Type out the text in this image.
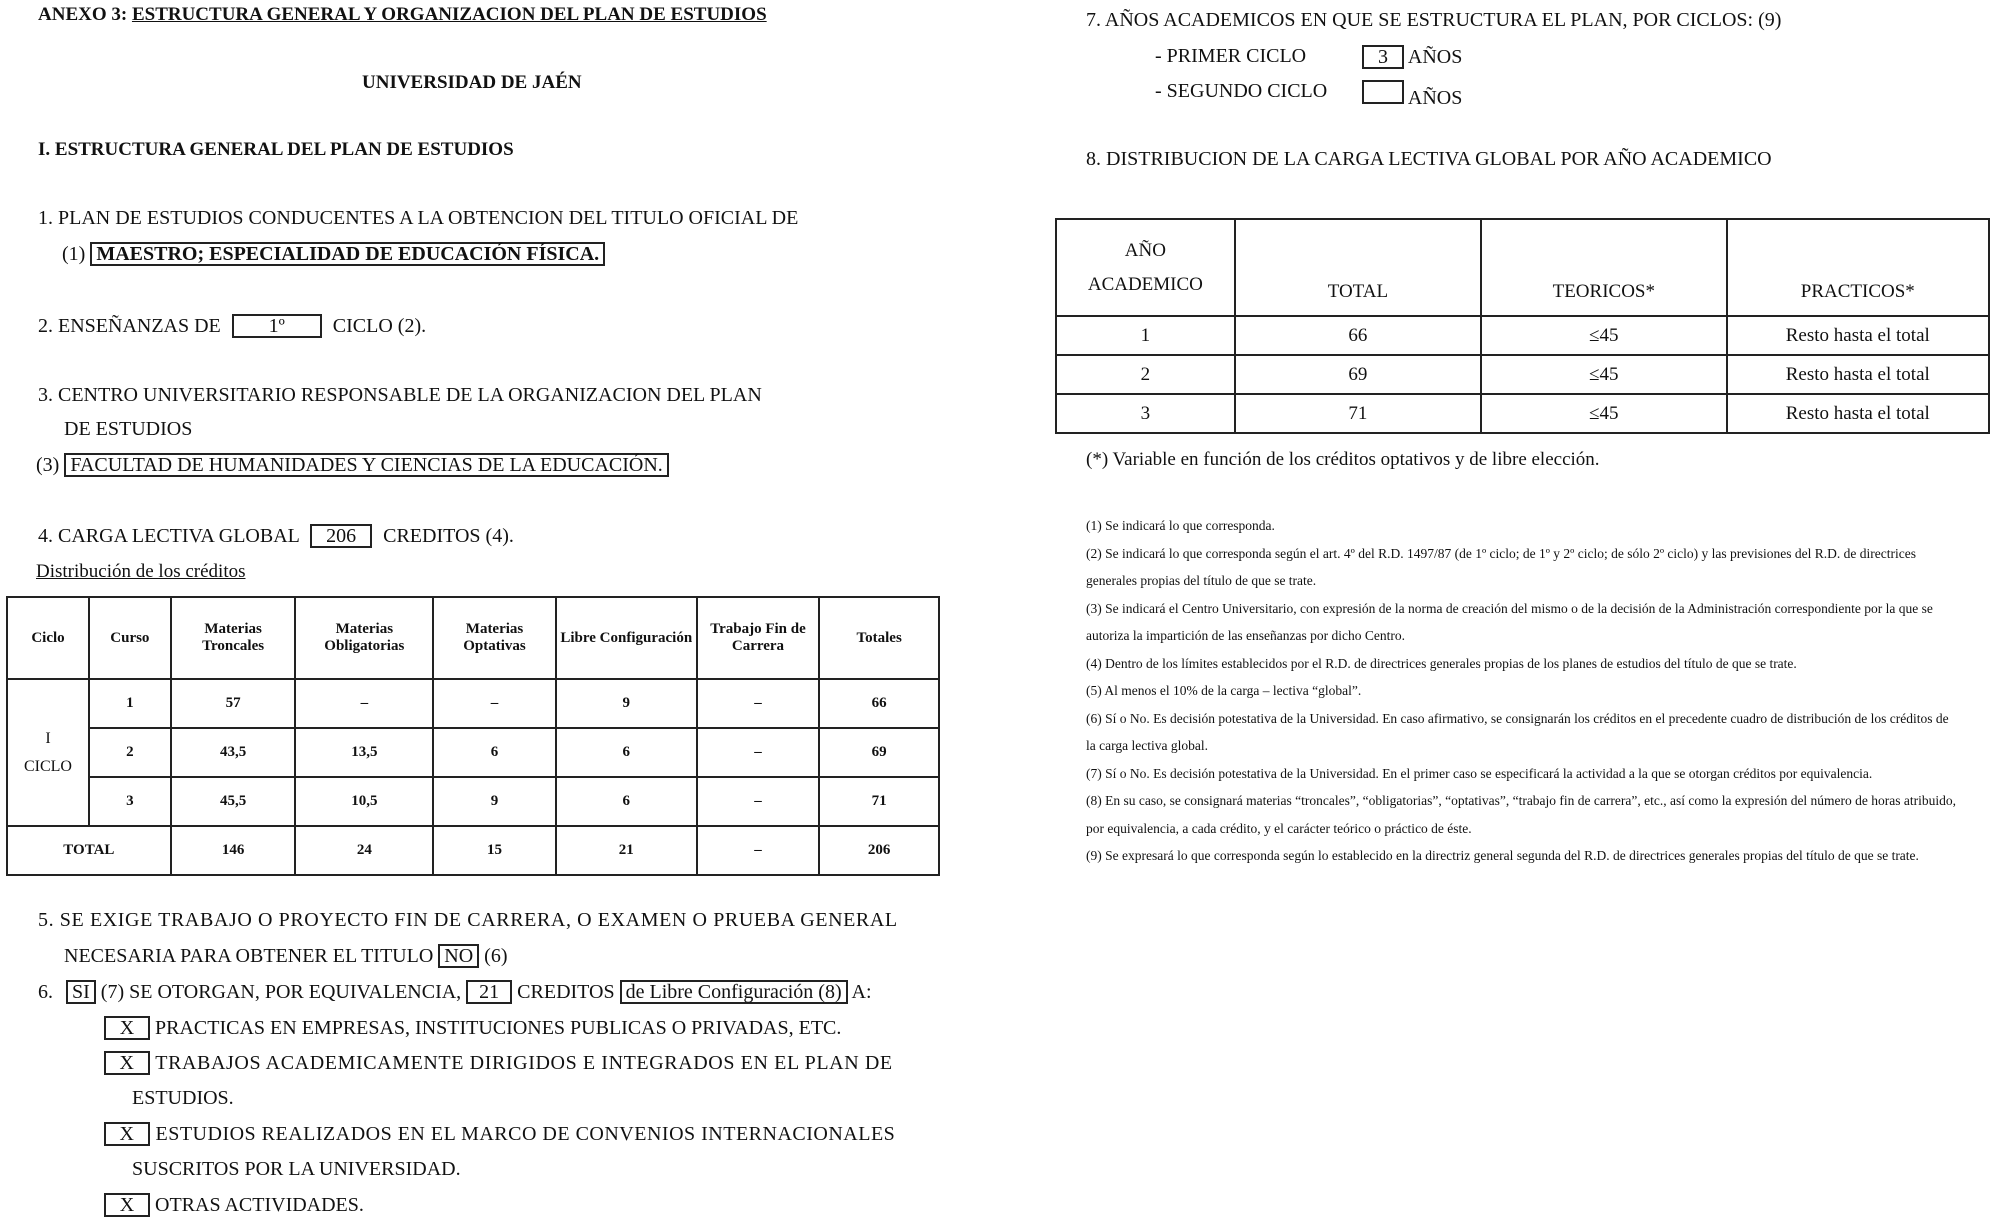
ANEXO 3: ESTRUCTURA GENERAL Y ORGANIZACION DEL PLAN DE ESTUDIOS
UNIVERSIDAD DE JAÉN
I. ESTRUCTURA GENERAL DEL PLAN DE ESTUDIOS
1. PLAN DE ESTUDIOS CONDUCENTES A LA OBTENCION DEL TITULO OFICIAL DE
(1) MAESTRO; ESPECIALIDAD DE EDUCACIÓN FÍSICA.
2. ENSEÑANZAS DE 1º CICLO (2).
3. CENTRO UNIVERSITARIO RESPONSABLE DE LA ORGANIZACION DEL PLAN
DE ESTUDIOS
(3) FACULTAD DE HUMANIDADES Y CIENCIAS DE LA EDUCACIÓN.
4. CARGA LECTIVA GLOBAL 206 CREDITOS (4).
Distribución de los créditos
Ciclo	Curso	Materias Troncales	Materias Obligatorias	Materias Optativas	Libre Configuración	Trabajo Fin de Carrera	Totales
I CICLO	1	57	–	–	9	–	66
	2	43,5	13,5	6	6	–	69
	3	45,5	10,5	9	6	–	71
TOTAL		146	24	15	21	–	206
5. SE EXIGE TRABAJO O PROYECTO FIN DE CARRERA, O EXAMEN O PRUEBA GENERAL
NECESARIA PARA OBTENER EL TITULO NO (6)
6. SI (7) SE OTORGAN, POR EQUIVALENCIA, 21 CREDITOS de Libre Configuración (8) A:
X PRACTICAS EN EMPRESAS, INSTITUCIONES PUBLICAS O PRIVADAS, ETC.
X TRABAJOS ACADEMICAMENTE DIRIGIDOS E INTEGRADOS EN EL PLAN DE
ESTUDIOS.
X ESTUDIOS REALIZADOS EN EL MARCO DE CONVENIOS INTERNACIONALES
SUSCRITOS POR LA UNIVERSIDAD.
X OTRAS ACTIVIDADES.
7. AÑOS ACADEMICOS EN QUE SE ESTRUCTURA EL PLAN, POR CICLOS: (9)
- PRIMER CICLO	3 AÑOS
- SEGUNDO CICLO	AÑOS
8. DISTRIBUCION DE LA CARGA LECTIVA GLOBAL POR AÑO ACADEMICO
AÑO
ACADEMICO	TOTAL	TEORICOS*	PRACTICOS*
1	66	≤45	Resto hasta el total
2	69	≤45	Resto hasta el total
3	71	≤45	Resto hasta el total
(*) Variable en función de los créditos optativos y de libre elección.

(1) Se indicará lo que corresponda.

(2) Se indicará lo que corresponda según el art. 4º del R.D. 1497/87 (de 1º ciclo; de 1º y 2º ciclo; de sólo 2º ciclo) y las previsiones del R.D. de directrices generales propias del título de que se trate.

(3) Se indicará el Centro Universitario, con expresión de la norma de creación del mismo o de la decisión de la Administración correspondiente por la que se autoriza la impartición de las enseñanzas por dicho Centro.

(4) Dentro de los límites establecidos por el R.D. de directrices generales propias de los planes de estudios del título de que se trate.

(5) Al menos el 10% de la carga – lectiva “global”.

(6) Sí o No. Es decisión potestativa de la Universidad. En caso afirmativo, se consignarán los créditos en el precedente cuadro de distribución de los créditos de la carga lectiva global.

(7) Sí o No. Es decisión potestativa de la Universidad. En el primer caso se especificará la actividad a la que se otorgan créditos por equivalencia.

(8) En su caso, se consignará materias “troncales”, “obligatorias”, “optativas”, “trabajo fin de carrera”, etc., así como la expresión del número de horas atribuido, por equivalencia, a cada crédito, y el carácter teórico o práctico de éste.

(9) Se expresará lo que corresponda según lo establecido en la directriz general segunda del R.D. de directrices generales propias del título de que se trate.
